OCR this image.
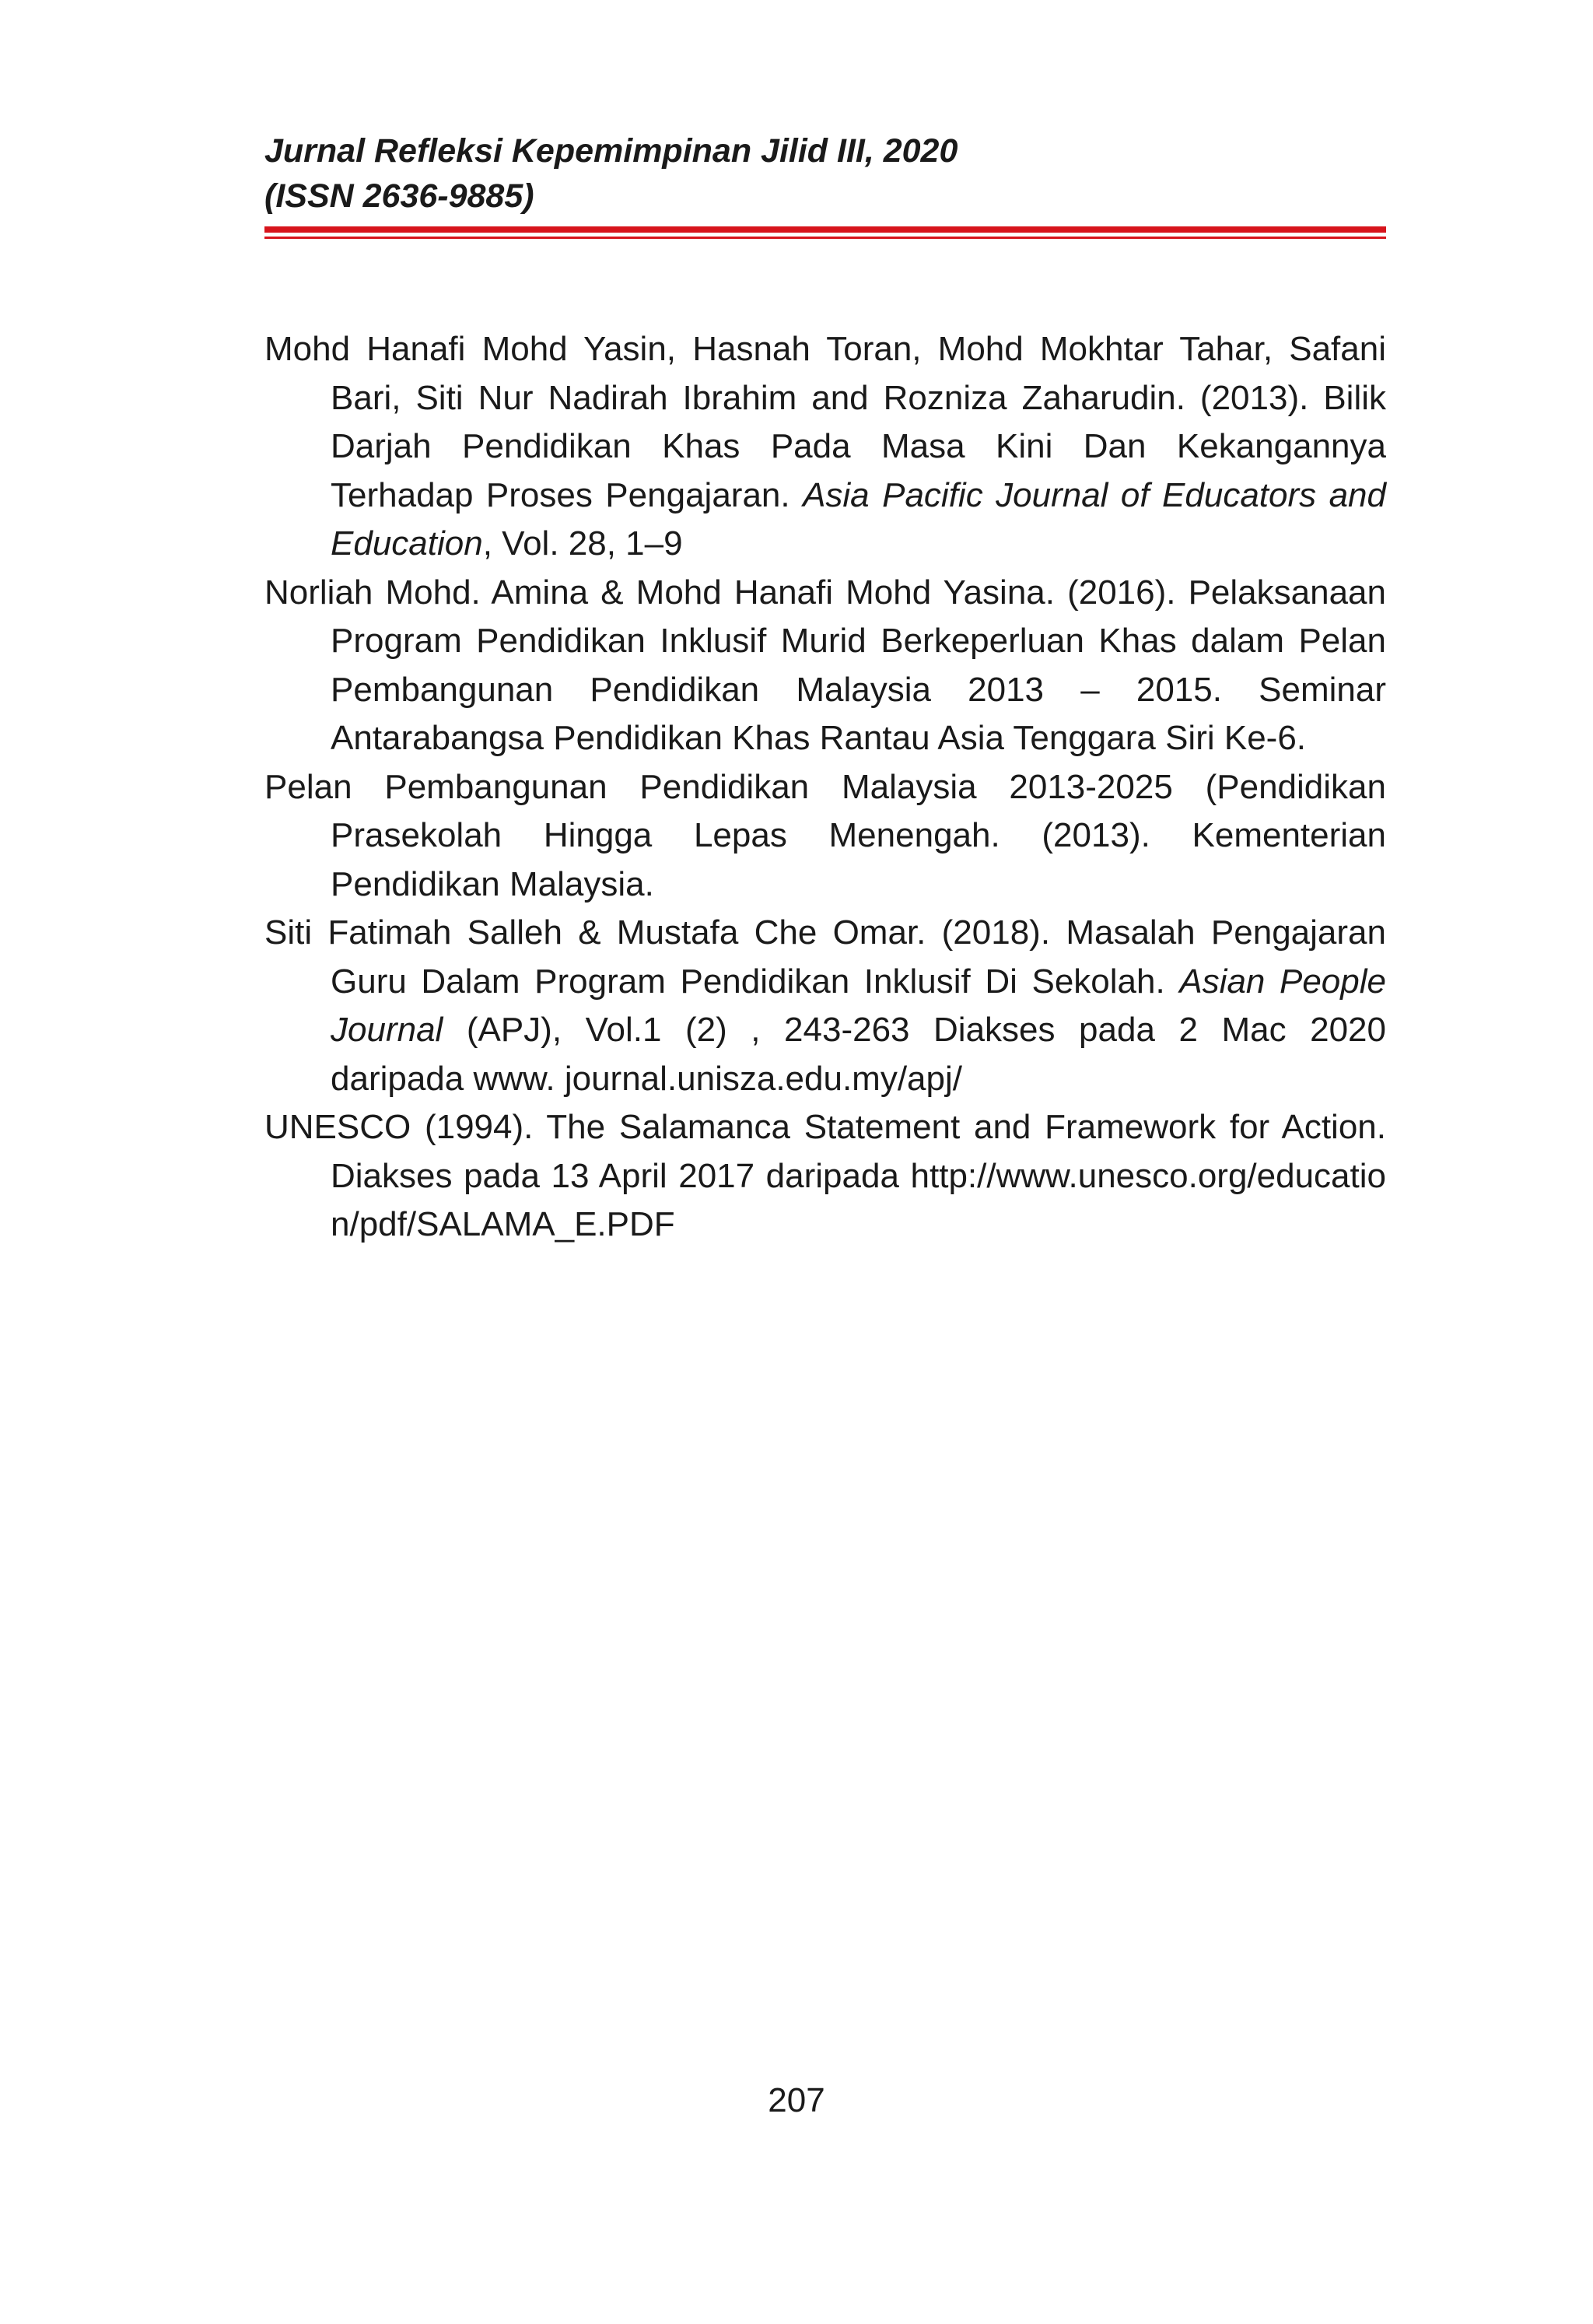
Jurnal Refleksi Kepemimpinan Jilid III, 2020
(ISSN 2636-9885)

Mohd Hanafi Mohd Yasin, Hasnah Toran, Mohd Mokhtar Tahar, Safani Bari, Siti Nur Nadirah Ibrahim and Rozniza Zaharudin. (2013). Bilik Darjah Pendidikan Khas Pada Masa Kini Dan Kekangannya Terhadap Proses Pengajaran. Asia Pacific Journal of Educators and Education, Vol. 28, 1–9

Norliah Mohd. Amina & Mohd Hanafi Mohd Yasina. (2016). Pelaksanaan Program Pendidikan Inklusif Murid Berkeperluan Khas dalam Pelan Pembangunan Pendidikan Malaysia 2013 – 2015. Seminar Antarabangsa Pendidikan Khas Rantau Asia Tenggara Siri Ke-6.

Pelan Pembangunan Pendidikan Malaysia 2013-2025 (Pendidikan Prasekolah Hingga Lepas Menengah. (2013). Kementerian Pendidikan Malaysia.

Siti Fatimah Salleh & Mustafa Che Omar. (2018). Masalah Pengajaran Guru Dalam Program Pendidikan Inklusif Di Sekolah. Asian People Journal (APJ), Vol.1 (2) , 243-263 Diakses pada 2 Mac 2020 daripada www. journal.unisza.edu.my/apj/

UNESCO (1994). The Salamanca Statement and Framework for Action. Diakses pada 13 April 2017 daripada http://www.unesco.org/education/pdf/SALAMA_E.PDF

207
